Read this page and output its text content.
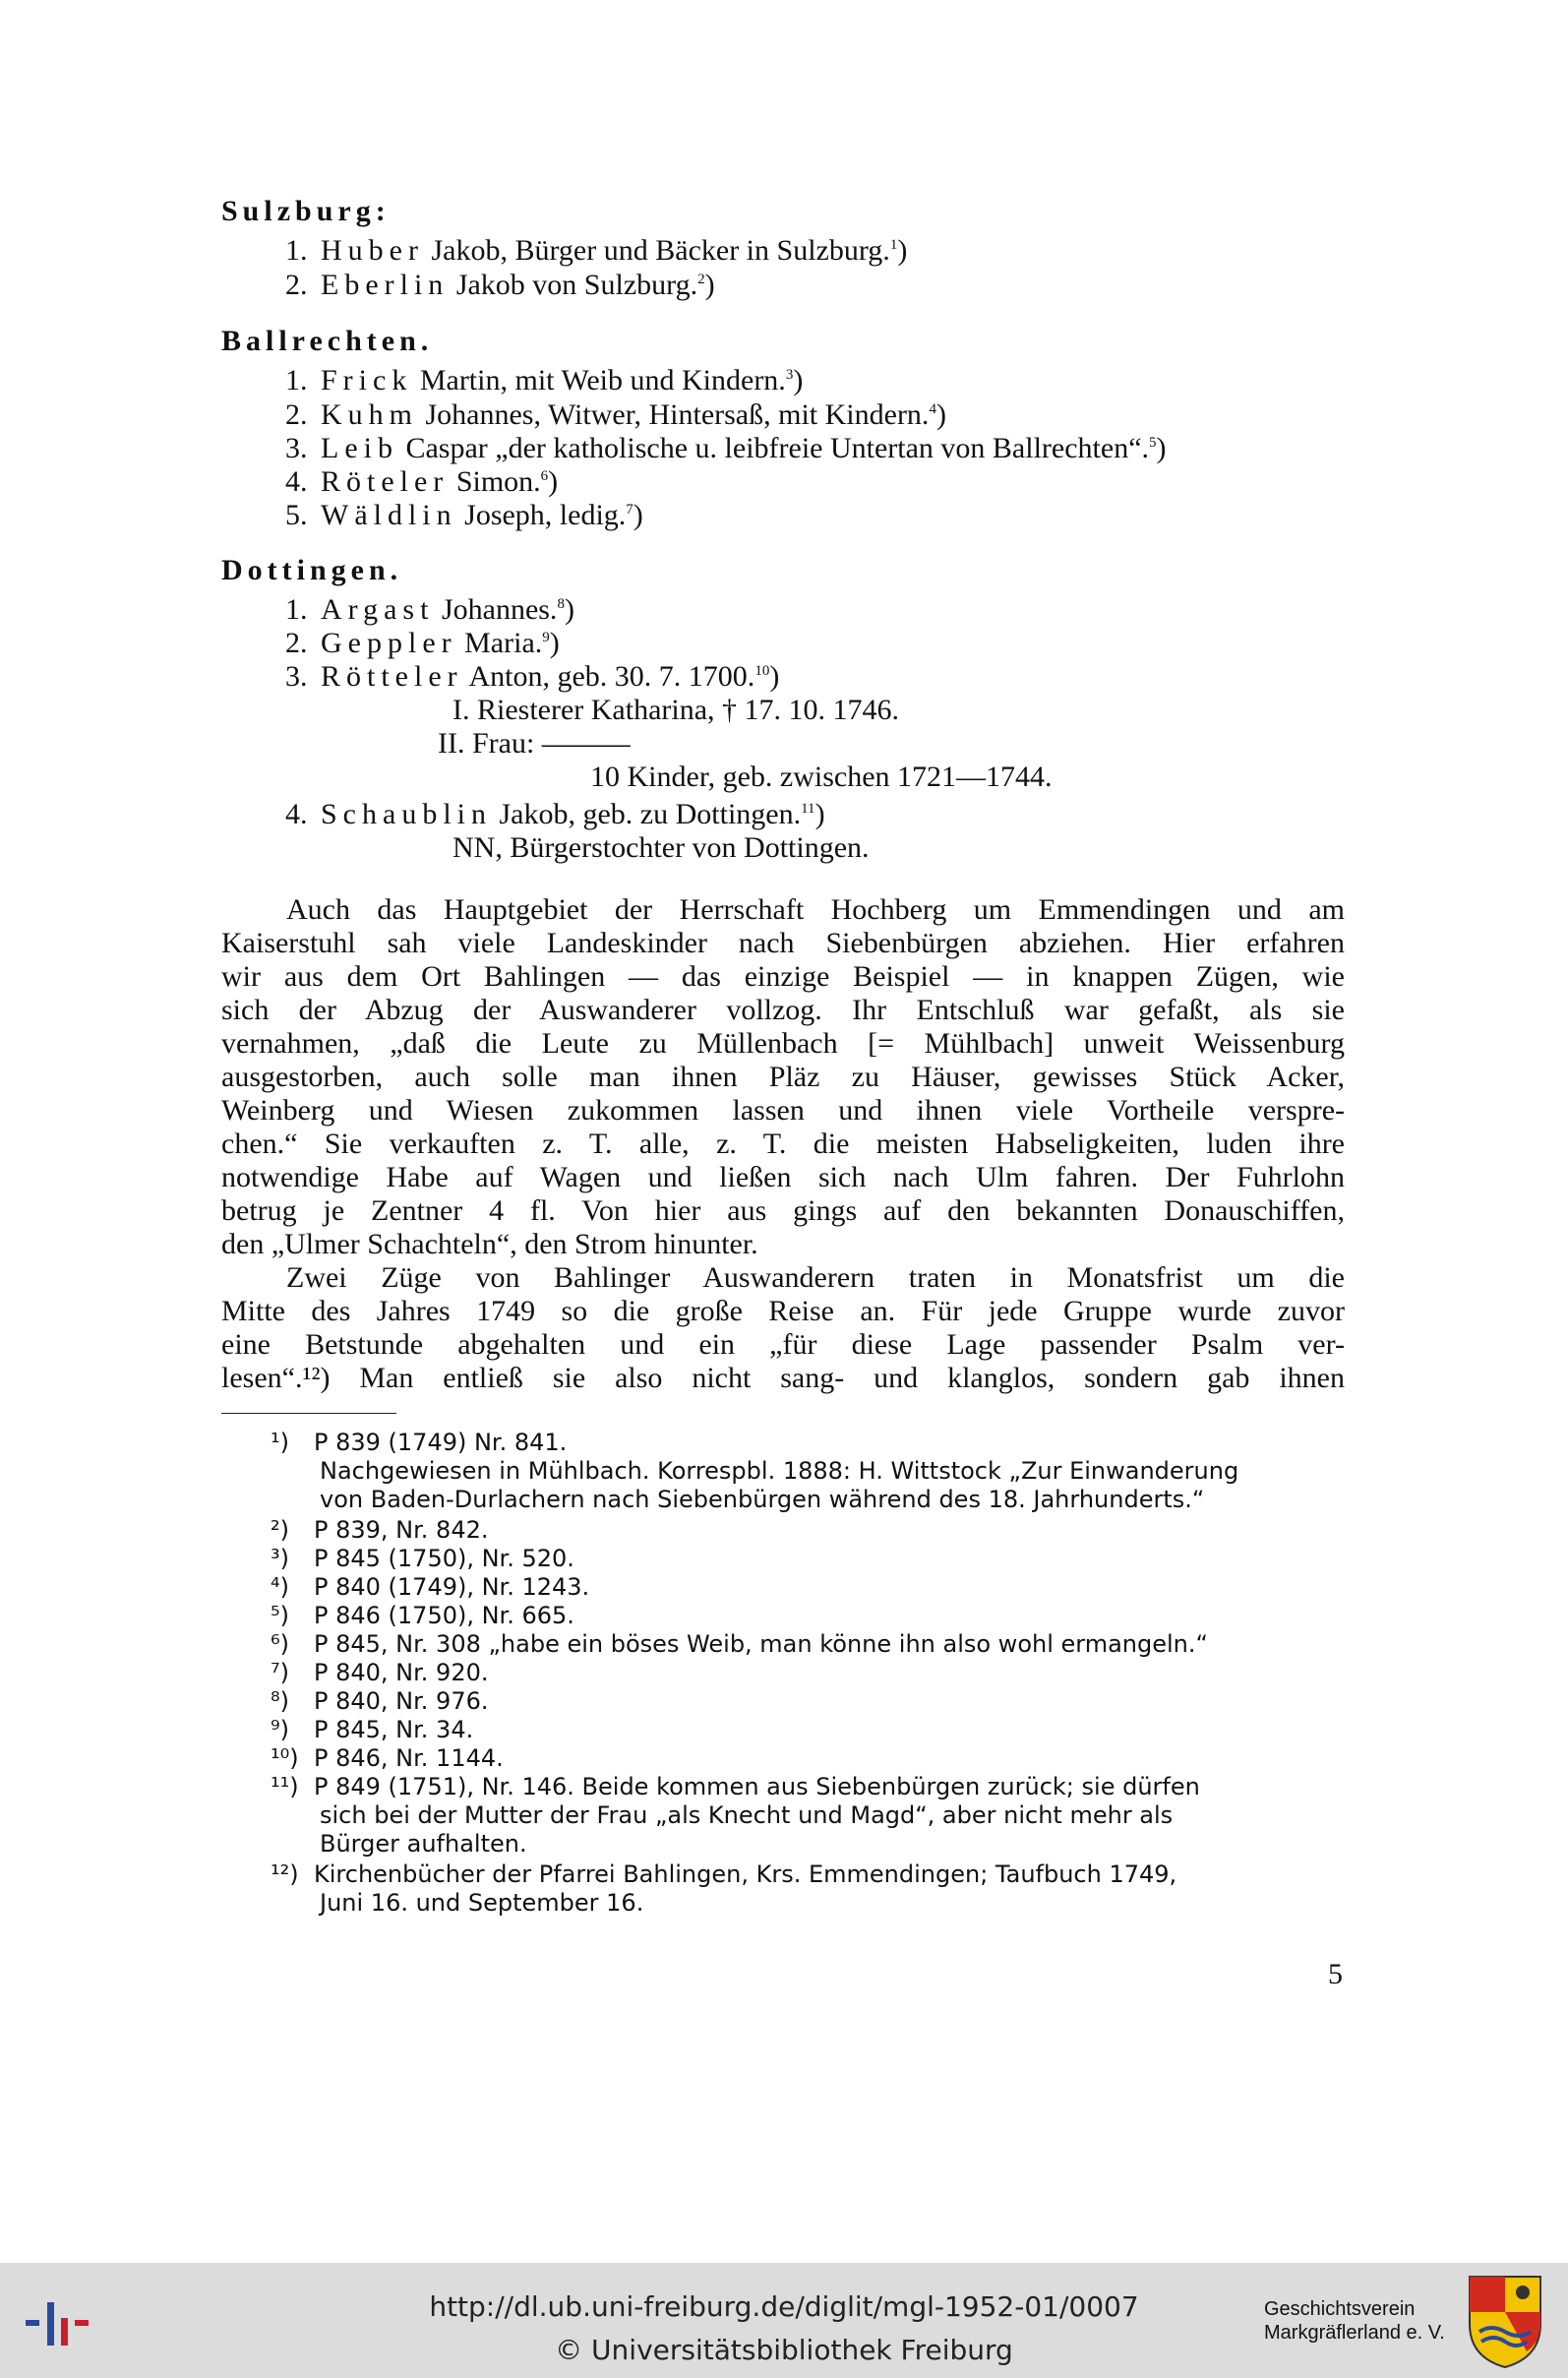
Sulzburg:
1. Huber Jakob, Bürger und Bäcker in Sulzburg.$^1$)
2. Eberlin Jakob von Sulzburg.$^2$)
Ballrechten.
1. Frick Martin, mit Weib und Kindern.$^3$)
2. Kuhm Johannes, Witwer, Hintersaß, mit Kindern.$^4$)
3. Leib Caspar „der katholische u. leibfreie Untertan von Ballrechten“.$^5$)
4. Röteler Simon.$^6$)
5. Wäldlin Joseph, ledig.$^7$)
Dottingen.
1. Argast Johannes.$^8$)
2. Geppler Maria.$^9$)
3. Rötteler Anton, geb. 30. 7. 1700.10)
I. Riesterer Katharina, † 17. 10. 1746.
II. Frau: ———
10 Kinder, geb. zwischen 1721—1744.
4. Schaublin Jakob, geb. zu Dottingen.$^{11}$)
NN, Bürgerstochter von Dottingen.
Auch das Hauptgebiet der Herrschaft Hochberg um Emmendingen und am
Kaiserstuhl sah viele Landeskinder nach Siebenbürgen abziehen. Hier erfahren
wir aus dem Ort Bahlingen — das einzige Beispiel — in knappen Zügen, wie
sich der Abzug der Auswanderer vollzog. Ihr Entschluß war gefaßt, als sie
vernahmen, „daß die Leute zu Müllenbach [= Mühlbach] unweit Weissenburg
ausgestorben, auch solle man ihnen Pläz zu Häuser, gewisses Stück Acker,
Weinberg und Wiesen zukommen lassen und ihnen viele Vortheile verspre-
chen.“ Sie verkauften z. T. alle, z. T. die meisten Habseligkeiten, luden ihre
notwendige Habe auf Wagen und ließen sich nach Ulm fahren. Der Fuhrlohn
betrug je Zentner 4 fl. Von hier aus gings auf den bekannten Donauschiffen,
den „Ulmer Schachteln“, den Strom hinunter.
Zwei Züge von Bahlinger Auswanderern traten in Monatsfrist um die
Mitte des Jahres 1749 so die große Reise an. Für jede Gruppe wurde zuvor
eine Betstunde abgehalten und ein „für diese Lage passender Psalm ver-
lesen“.¹²) Man entließ sie also nicht sang- und klanglos, sondern gab ihnen
¹) P 839 (1749) Nr. 841.
Nachgewiesen in Mühlbach. Korrespbl. 1888: H. Wittstock „Zur Einwanderung
von Baden-Durlachern nach Siebenbürgen während des 18. Jahrhunderts.“
²) P 839, Nr. 842.
³) P 845 (1750), Nr. 520.
⁴) P 840 (1749), Nr. 1243.
⁵) P 846 (1750), Nr. 665.
⁶) P 845, Nr. 308 „habe ein böses Weib, man könne ihn also wohl ermangeln.“
⁷) P 840, Nr. 920.
⁸) P 840, Nr. 976.
⁹) P 845, Nr. 34.
¹⁰) P 846, Nr. 1144.
¹¹) P 849 (1751), Nr. 146. Beide kommen aus Siebenbürgen zurück; sie dürfen
sich bei der Mutter der Frau „als Knecht und Magd“, aber nicht mehr als
Bürger aufhalten.
¹²) Kirchenbücher der Pfarrei Bahlingen, Krs. Emmendingen; Taufbuch 1749,
Juni 16. und September 16.
5
http://dl.ub.uni-freiburg.de/diglit/mgl-1952-01/0007
© Universitätsbibliothek Freiburg
Geschichtsverein
Markgräflerland e. V.
